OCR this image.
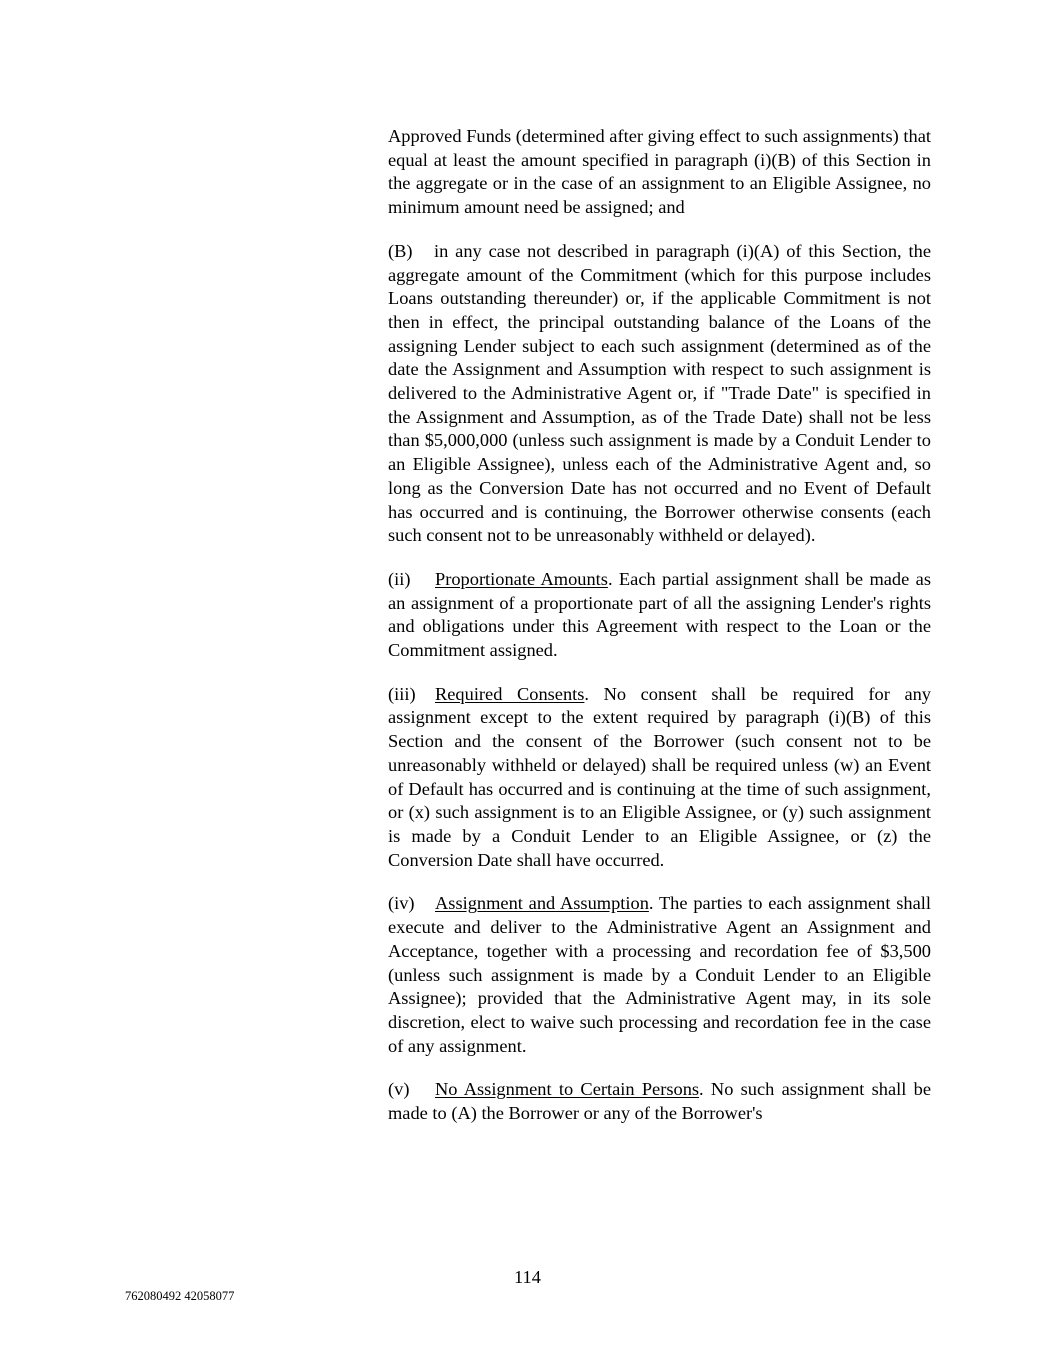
Approved Funds (determined after giving effect to such assignments) that equal at least the amount specified in paragraph (i)(B) of this Section in the aggregate or in the case of an assignment to an Eligible Assignee, no minimum amount need be assigned; and

(B) in any case not described in paragraph (i)(A) of this Section, the aggregate amount of the Commitment (which for this purpose includes Loans outstanding thereunder) or, if the applicable Commitment is not then in effect, the principal outstanding balance of the Loans of the assigning Lender subject to each such assignment (determined as of the date the Assignment and Assumption with respect to such assignment is delivered to the Administrative Agent or, if "Trade Date" is specified in the Assignment and Assumption, as of the Trade Date) shall not be less than $5,000,000 (unless such assignment is made by a Conduit Lender to an Eligible Assignee), unless each of the Administrative Agent and, so long as the Conversion Date has not occurred and no Event of Default has occurred and is continuing, the Borrower otherwise consents (each such consent not to be unreasonably withheld or delayed).

(ii) Proportionate Amounts. Each partial assignment shall be made as an assignment of a proportionate part of all the assigning Lender's rights and obligations under this Agreement with respect to the Loan or the Commitment assigned.

(iii) Required Consents. No consent shall be required for any assignment except to the extent required by paragraph (i)(B) of this Section and the consent of the Borrower (such consent not to be unreasonably withheld or delayed) shall be required unless (w) an Event of Default has occurred and is continuing at the time of such assignment, or (x) such assignment is to an Eligible Assignee, or (y) such assignment is made by a Conduit Lender to an Eligible Assignee, or (z) the Conversion Date shall have occurred.

(iv) Assignment and Assumption. The parties to each assignment shall execute and deliver to the Administrative Agent an Assignment and Acceptance, together with a processing and recordation fee of $3,500 (unless such assignment is made by a Conduit Lender to an Eligible Assignee); provided that the Administrative Agent may, in its sole discretion, elect to waive such processing and recordation fee in the case of any assignment.

(v) No Assignment to Certain Persons. No such assignment shall be made to (A) the Borrower or any of the Borrower's

114
762080492 42058077
